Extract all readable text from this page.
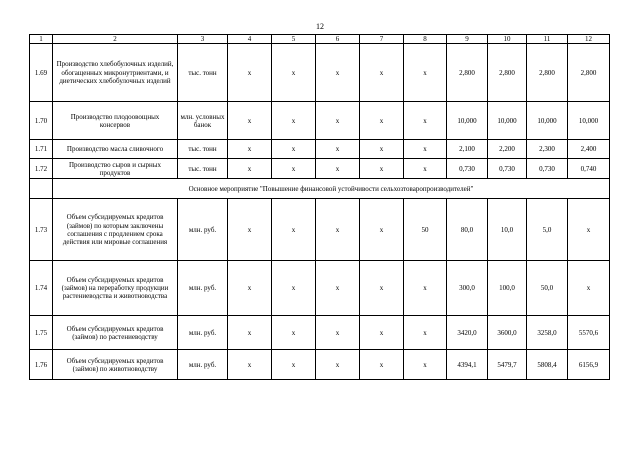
12
1	2	3	4	5	6	7	8	9	10	11	12
1.69	Производство хлебобулочных изделий, обогащенных микронутриентами, и диетических хлебобулочных изделий	тыс. тонн	х	х	х	х	х	2,800	2,800	2,800	2,800
1.70	Производство плодоовощных консервов	млн. условных банок	х	х	х	х	х	10,000	10,000	10,000	10,000
1.71	Производство масла сливочного	тыс. тонн	х	х	х	х	х	2,100	2,200	2,300	2,400
1.72	Производство сыров и сырных продуктов	тыс. тонн	х	х	х	х	х	0,730	0,730	0,730	0,740
	Основное мероприятие "Повышение финансовой устойчивости сельхозтоваропроизводителей"										
1.73	Объем субсидируемых кредитов (займов) по которым заключены соглашения с продлением срока действия или мировые соглашения	млн. руб.	х	х	х	х	50	80,0	10,0	5,0	х
1.74	Объем субсидируемых кредитов (займов) на переработку продукции растениеводства и животноводства	млн. руб.	х	х	х	х	х	300,0	100,0	50,0	х
1.75	Объем субсидируемых кредитов (займов) по растениеводству	млн. руб.	х	х	х	х	х	3420,0	3600,0	3258,0	5570,6
1.76	Объем субсидируемых кредитов (займов) по животноводству	млн. руб.	х	х	х	х	х	4394,1	5479,7	5808,4	6156,9
